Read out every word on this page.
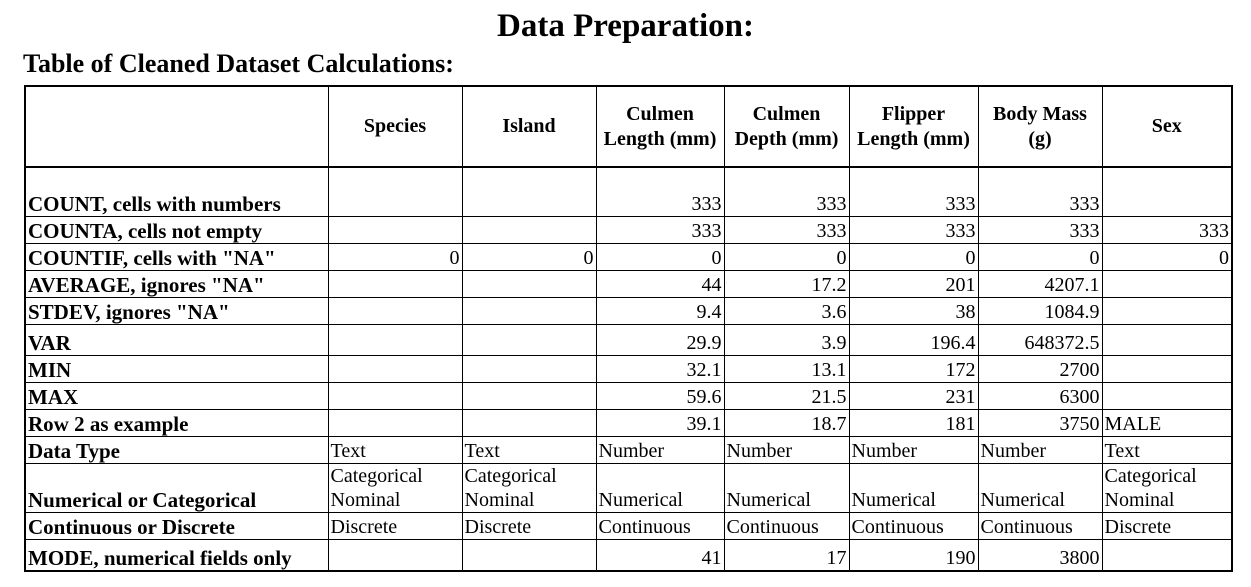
Data Preparation:
Table of Cleaned Dataset Calculations:
	Species	Island	Culmen Length (mm)	Culmen Depth (mm)	Flipper Length (mm)	Body Mass (g)	Sex
COUNT, cells with numbers			333	333	333	333	
COUNTA, cells not empty			333	333	333	333	333
COUNTIF, cells with "NA"	0	0	0	0	0	0	0
AVERAGE, ignores "NA"			44	17.2	201	4207.1	
STDEV, ignores "NA"			9.4	3.6	38	1084.9	
VAR			29.9	3.9	196.4	648372.5	
MIN			32.1	13.1	172	2700	
MAX			59.6	21.5	231	6300	
Row 2 as example			39.1	18.7	181	3750	MALE
Data Type	Text	Text	Number	Number	Number	Number	Text
Numerical or Categorical	Categorical Nominal	Categorical Nominal	Numerical	Numerical	Numerical	Numerical	Categorical Nominal
Continuous or Discrete	Discrete	Discrete	Continuous	Continuous	Continuous	Continuous	Discrete
MODE, numerical fields only			41	17	190	3800	
